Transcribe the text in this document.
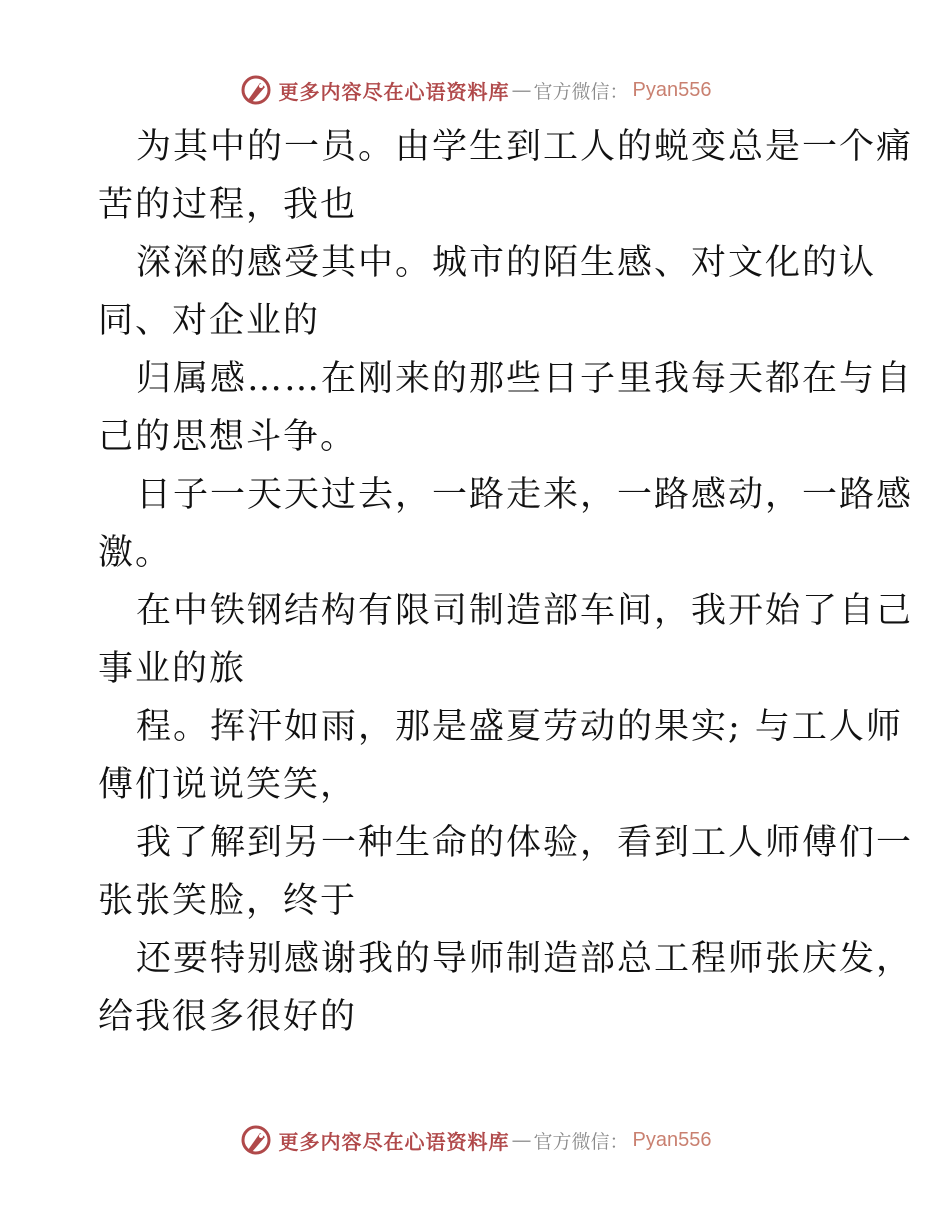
更多内容尽在心语资料库 — 官方微信： Pyan556
为其中的一员。由学生到工人的蜕变总是一个痛
苦的过程，我也
深深的感受其中。城市的陌生感、对文化的认
同、对企业的
归属感……在刚来的那些日子里我每天都在与自
己的思想斗争。
日子一天天过去，一路走来，一路感动，一路感
激。
在中铁钢结构有限司制造部车间，我开始了自己
事业的旅
程。挥汗如雨，那是盛夏劳动的果实; 与工人师
傅们说说笑笑，
我了解到另一种生命的体验，看到工人师傅们一
张张笑脸，终于
还要特别感谢我的导师制造部总工程师张庆发，
给我很多很好的
更多内容尽在心语资料库 — 官方微信： Pyan556
